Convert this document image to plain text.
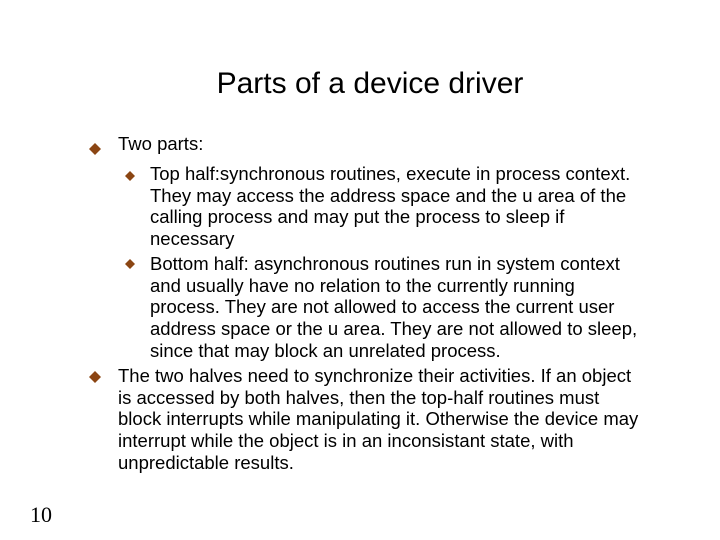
Parts of a device driver

Two parts:

Top half:synchronous routines, execute in process context.

They may access the address space and the u area of the

calling process and may put the process to sleep if

necessary

Bottom half: asynchronous routines run in system context

and usually have no relation to the currently running

process. They are not allowed to access the current user

address space or the u area. They are not allowed to sleep,

since that may block an unrelated process.

The two halves need to synchronize their activities. If an object

is accessed by both halves, then the top-half routines must

block interrupts while manipulating it. Otherwise the device may

interrupt while the object is in an inconsistant state, with

unpredictable results.

10
